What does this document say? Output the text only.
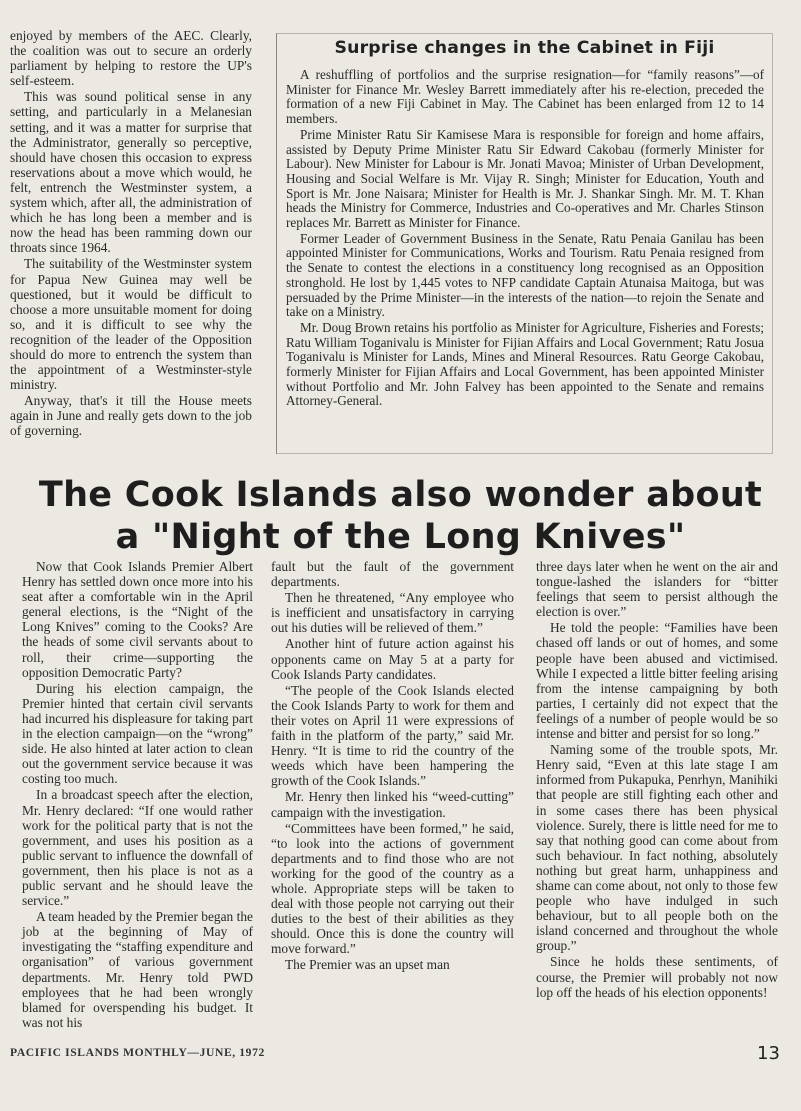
enjoyed by members of the AEC. Clearly, the coalition was out to secure an orderly parliament by helping to restore the UP's self-esteem.

This was sound political sense in any setting, and particularly in a Melanesian setting, and it was a matter for surprise that the Administrator, generally so perceptive, should have chosen this occasion to express reservations about a move which would, he felt, entrench the Westminster system, a system which, after all, the administration of which he has long been a member and is now the head has been ramming down our throats since 1964.

The suitability of the Westminster system for Papua New Guinea may well be questioned, but it would be difficult to choose a more unsuitable moment for doing so, and it is difficult to see why the recognition of the leader of the Opposition should do more to entrench the system than the appointment of a Westminster-style ministry.

Anyway, that's it till the House meets again in June and really gets down to the job of governing.

Surprise changes in the Cabinet in Fiji

A reshuffling of portfolios and the surprise resignation—for “family reasons”—of Minister for Finance Mr. Wesley Barrett immediately after his re-election, preceded the formation of a new Fiji Cabinet in May. The Cabinet has been enlarged from 12 to 14 members.

Prime Minister Ratu Sir Kamisese Mara is responsible for foreign and home affairs, assisted by Deputy Prime Minister Ratu Sir Edward Cakobau (formerly Minister for Labour). New Minister for Labour is Mr. Jonati Mavoa; Minister of Urban Development, Housing and Social Welfare is Mr. Vijay R. Singh; Minister for Education, Youth and Sport is Mr. Jone Naisara; Minister for Health is Mr. J. Shankar Singh. Mr. M. T. Khan heads the Ministry for Commerce, Industries and Co-operatives and Mr. Charles Stinson replaces Mr. Barrett as Minister for Finance.

Former Leader of Government Business in the Senate, Ratu Penaia Ganilau has been appointed Minister for Communications, Works and Tourism. Ratu Penaia resigned from the Senate to contest the elections in a constituency long recognised as an Opposition stronghold. He lost by 1,445 votes to NFP candidate Captain Atunaisa Maitoga, but was persuaded by the Prime Minister—in the interests of the nation—to rejoin the Senate and take on a Ministry.

Mr. Doug Brown retains his portfolio as Minister for Agriculture, Fisheries and Forests; Ratu William Toganivalu is Minister for Fijian Affairs and Local Government; Ratu Josua Toganivalu is Minister for Lands, Mines and Mineral Resources. Ratu George Cakobau, formerly Minister for Fijian Affairs and Local Government, has been appointed Minister without Portfolio and Mr. John Falvey has been appointed to the Senate and remains Attorney-General.

The Cook Islands also wonder about
a "Night of the Long Knives"

Now that Cook Islands Premier Albert Henry has settled down once more into his seat after a comfortable win in the April general elections, is the “Night of the Long Knives” coming to the Cooks? Are the heads of some civil servants about to roll, their crime—supporting the opposition Democratic Party?

During his election campaign, the Premier hinted that certain civil servants had incurred his displeasure for taking part in the election campaign—on the “wrong” side. He also hinted at later action to clean out the government service because it was costing too much.

In a broadcast speech after the election, Mr. Henry declared: “If one would rather work for the political party that is not the government, and uses his position as a public servant to influence the downfall of government, then his place is not as a public servant and he should leave the service.”

A team headed by the Premier began the job at the beginning of May of investigating the “staffing expenditure and organisation” of various government departments. Mr. Henry told PWD employees that he had been wrongly blamed for overspending his budget. It was not his

fault but the fault of the government departments.

Then he threatened, “Any employee who is inefficient and unsatisfactory in carrying out his duties will be relieved of them.”

Another hint of future action against his opponents came on May 5 at a party for Cook Islands Party candidates.

“The people of the Cook Islands elected the Cook Islands Party to work for them and their votes on April 11 were expressions of faith in the platform of the party,” said Mr. Henry. “It is time to rid the country of the weeds which have been hampering the growth of the Cook Islands.”

Mr. Henry then linked his “weed-cutting” campaign with the investigation.

“Committees have been formed,” he said, “to look into the actions of government departments and to find those who are not working for the good of the country as a whole. Appropriate steps will be taken to deal with those people not carrying out their duties to the best of their abilities as they should. Once this is done the country will move forward.”

The Premier was an upset man

three days later when he went on the air and tongue-lashed the islanders for “bitter feelings that seem to persist although the election is over.”

He told the people: “Families have been chased off lands or out of homes, and some people have been abused and victimised. While I expected a little bitter feeling arising from the intense campaigning by both parties, I certainly did not expect that the feelings of a number of people would be so intense and bitter and persist for so long.”

Naming some of the trouble spots, Mr. Henry said, “Even at this late stage I am informed from Pukapuka, Penrhyn, Manihiki that people are still fighting each other and in some cases there has been physical violence. Surely, there is little need for me to say that nothing good can come about from such behaviour. In fact nothing, absolutely nothing but great harm, unhappiness and shame can come about, not only to those few people who have indulged in such behaviour, but to all people both on the island concerned and throughout the whole group.”

Since he holds these sentiments, of course, the Premier will probably not now lop off the heads of his election opponents!

PACIFIC ISLANDS MONTHLY—JUNE, 1972	13
